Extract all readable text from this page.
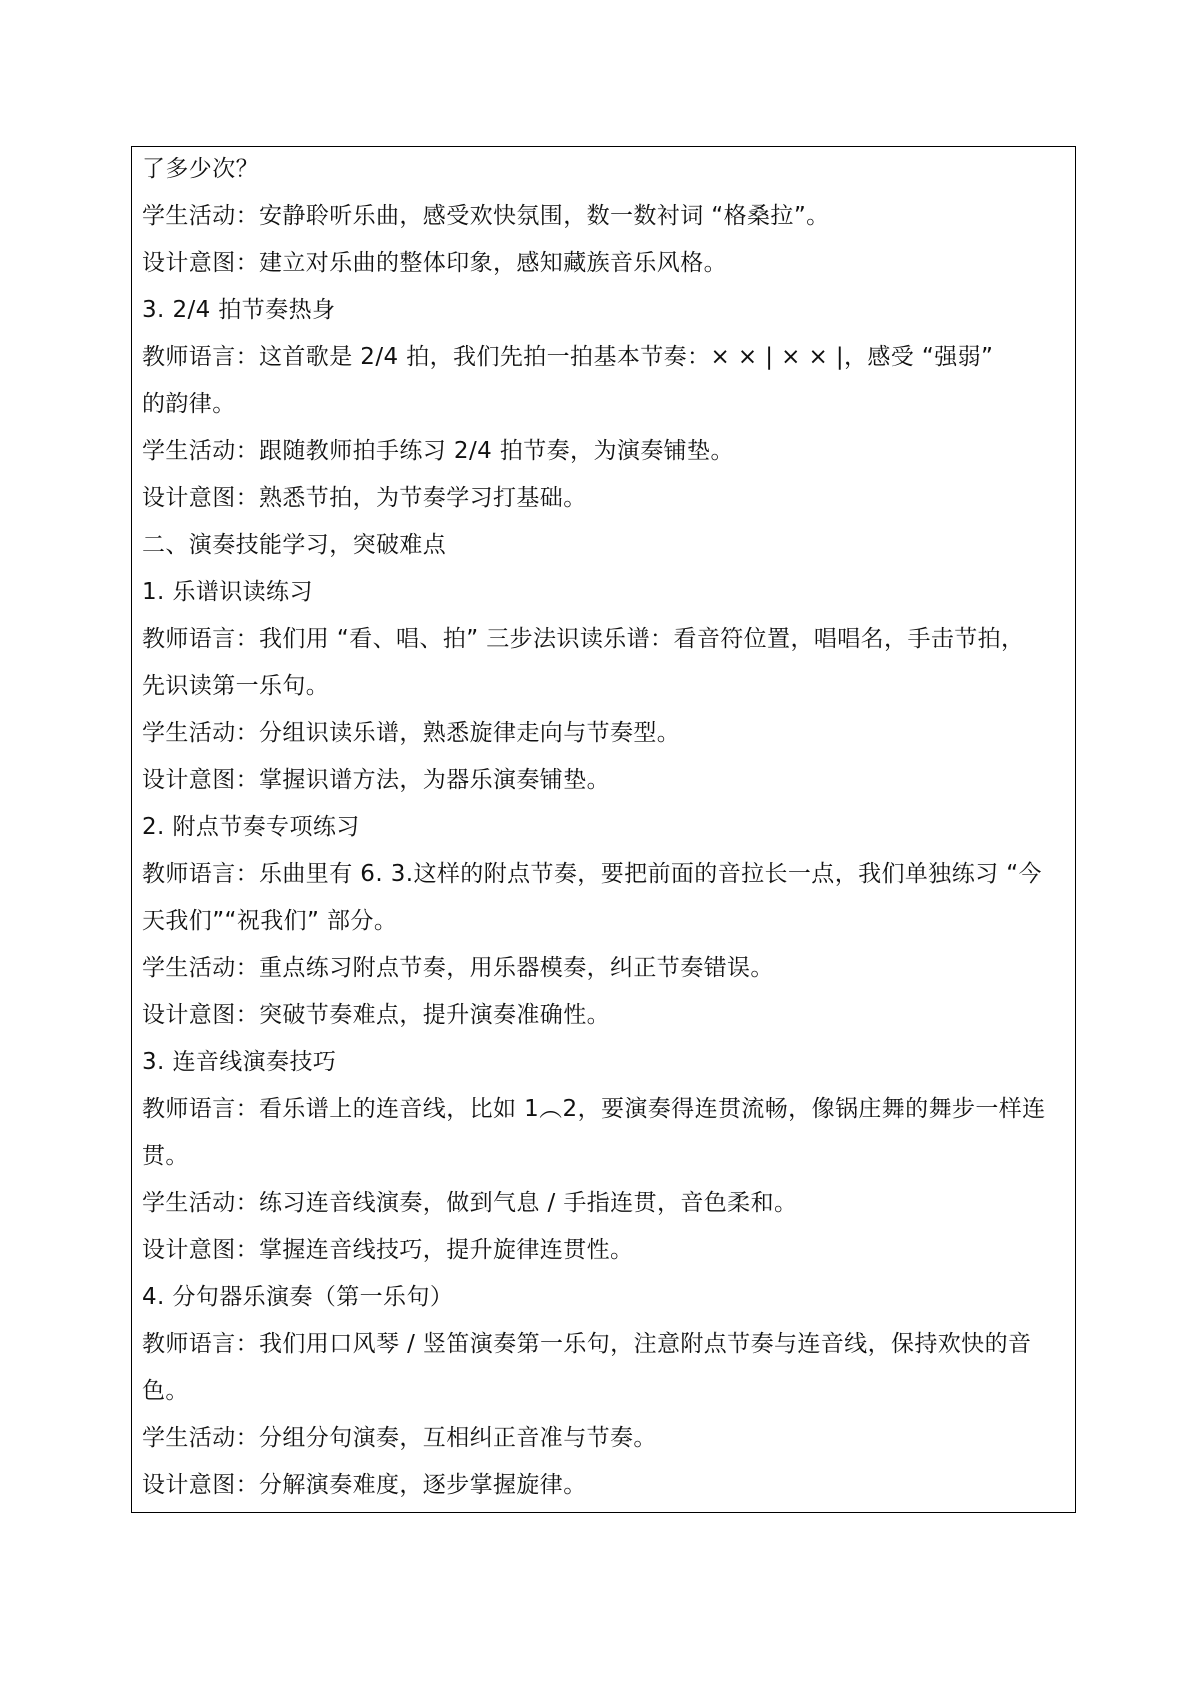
了多少次？
学生活动：安静聆听乐曲，感受欢快氛围，数一数衬词 “格桑拉”。
设计意图：建立对乐曲的整体印象，感知藏族音乐风格。
3. 2/4 拍节奏热身
教师语言：这首歌是 2/4 拍，我们先拍一拍基本节奏：× × | × × |，感受 “强弱”
的韵律。
学生活动：跟随教师拍手练习 2/4 拍节奏，为演奏铺垫。
设计意图：熟悉节拍，为节奏学习打基础。
二、演奏技能学习，突破难点
1. 乐谱识读练习
教师语言：我们用 “看、唱、拍” 三步法识读乐谱：看音符位置，唱唱名，手击节拍，
先识读第一乐句。
学生活动：分组识读乐谱，熟悉旋律走向与节奏型。
设计意图：掌握识谱方法，为器乐演奏铺垫。
2. 附点节奏专项练习
教师语言：乐曲里有 6. 3.这样的附点节奏，要把前面的音拉长一点，我们单独练习 “今
天我们”“祝我们” 部分。
学生活动：重点练习附点节奏，用乐器模奏，纠正节奏错误。
设计意图：突破节奏难点，提升演奏准确性。
3. 连音线演奏技巧
教师语言：看乐谱上的连音线，比如 1︵2，要演奏得连贯流畅，像锅庄舞的舞步一样连
贯。
学生活动：练习连音线演奏，做到气息 / 手指连贯，音色柔和。
设计意图：掌握连音线技巧，提升旋律连贯性。
4. 分句器乐演奏（第一乐句）
教师语言：我们用口风琴 / 竖笛演奏第一乐句，注意附点节奏与连音线，保持欢快的音
色。
学生活动：分组分句演奏，互相纠正音准与节奏。
设计意图：分解演奏难度，逐步掌握旋律。
